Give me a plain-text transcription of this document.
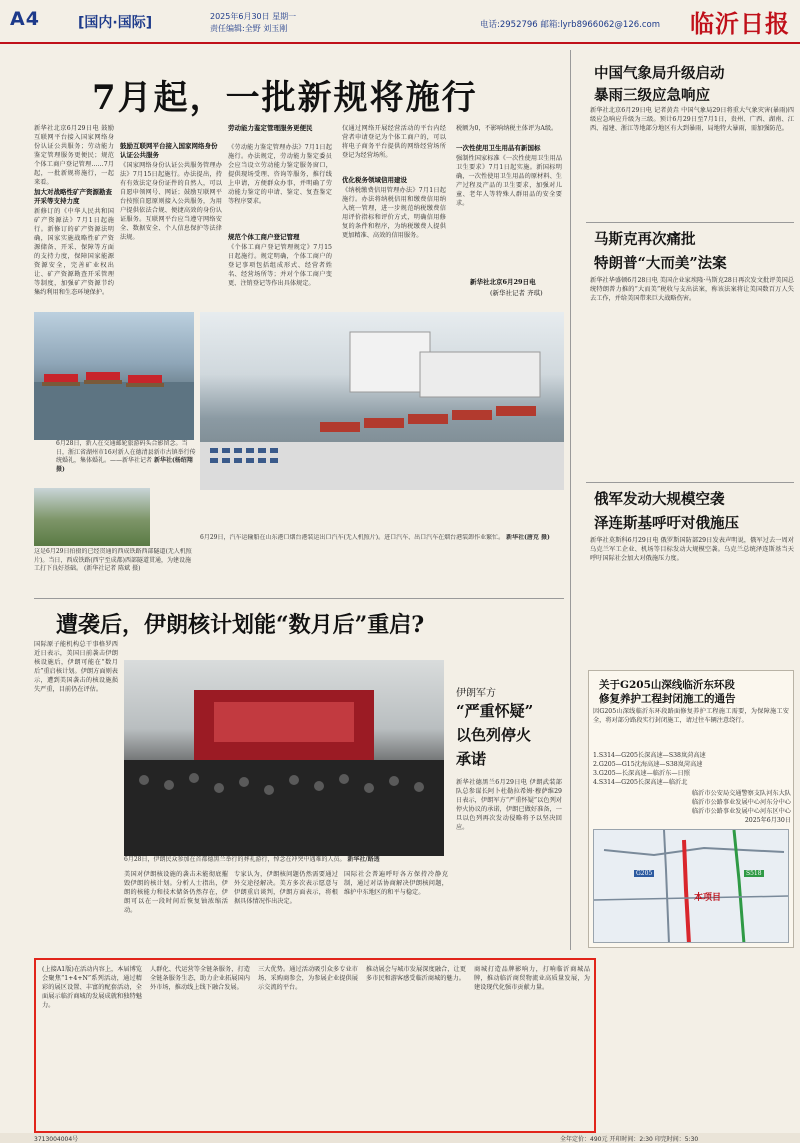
A4	[国内·国际]	2025年6月30日 星期一
责任编辑:全野 刘玉刚	电话:2952796 邮箱:lyrb8966062@126.com 临沂日报
7月起，一批新规将施行
新华社北京6月29日电 鼓励互联网平台接入国家网络身份认证公共服务；劳动能力鉴定管理服务更便民；规范个体工商户登记管理……7月起，一批新规将施行，一起来看。
加大对战略性矿产资源勘查开采等支持力度
新修订的《中华人民共和国矿产资源法》7月1日起施行。新修订的矿产资源法明确，国家实施战略性矿产资源储备、开采、保障等方面的支持力度，保障国家能源资源安全，完善矿业权出让、矿产资源勘查开采管理等制度，加强矿产资源节约集约利用和生态环境保护。
鼓励互联网平台接入国家网络身份认证公共服务
《国家网络身份认证公共服务管理办法》7月15日起施行。办法提出，持有有效法定身份证件的自然人，可以自愿申领网号、网证；鼓励互联网平台按照自愿原则接入公共服务，为用户提供依法合规、便捷高效的身份认证服务。互联网平台应当遵守网络安全、数据安全、个人信息保护等法律法规。
劳动能力鉴定管理服务更便民
《劳动能力鉴定管理办法》7月1日起施行。办法规定，劳动能力鉴定委员会应当设立劳动能力鉴定服务窗口，提供现场受理、咨询等服务，推行线上申请，方便群众办事，并明确了劳动能力鉴定的申请、鉴定、复查鉴定等程序要求。
规范个体工商户登记管理
《个体工商户登记管理规定》7月15日起施行。规定明确，个体工商户的登记事项包括组成形式、经营者姓名、经营场所等；并对个体工商户变更、注销登记等作出具体规定。
仅通过网络开展经营活动的平台内经营者申请登记为个体工商户的，可以将电子商务平台提供的网络经营场所登记为经营场所。
优化税务领域信用建设
《纳税缴费信用管理办法》7月1日起施行。办法将纳税信用和缴费信用纳入统一管理，进一步规范纳税缴费信用评价指标和评价方式，明确信用修复的条件和程序，为纳税缴费人提供更加精准、高效的信用服务。
税额为0，不影响纳税主体评为A级。
一次性使用卫生用品有新国标
强制性国家标准《一次性使用卫生用品卫生要求》7月1日起实施。新国标明确，一次性使用卫生用品的原材料、生产过程及产品的卫生要求，加强对儿童、老年人等特殊人群用品的安全要求。
新华社北京6月29日电
(新华社记者 齐琪)
6月28日，新人在交通邮轮旅游码头合影留念。当日，浙江省湖州市16对新人在德清县新市古镇举行传统婚礼，集体婚礼。——新华社记者 新华社(杨绍翔 摄)
这是6月29日拍摄的已经贯通的西成铁路西部隧道(无人机照片)。当日，西成铁路(西宁至成都)西部隧道贯通，为建设施工打下良好基础。 (新华社记者 陈斌 摄)
6月29日，汽车运输船在山东港口烟台港装运出口汽车(无人机照片)。进口汽车、出口汽车在烟台港装卸作业繁忙。 新华社(唐克 摄)
遭袭后，伊朗核计划能“数月后”重启?
国际原子能机构总干事格罗西近日表示，美国日前袭击伊朗核设施后，伊朗可能在“数月后”重启核计划。伊朗方面则表示，遭到美国袭击的核设施损失严重，目前仍在评估。
6月28日，伊朗民众参加在首都德黑兰举行的葬礼游行，悼念在冲突中遇难的人员。 新华社/路透
美国对伊朗核设施的袭击未能彻底摧毁伊朗的核计划。分析人士指出，伊朗的核能力和技术储备仍然存在，伊朗可以在一段时间后恢复铀浓缩活动。
专家认为，伊朗核问题仍然需要通过外交途径解决。美方多次表示愿意与伊朗重启谈判，伊朗方面表示，将根据具体情况作出决定。
国际社会普遍呼吁各方保持冷静克制，通过对话协商解决伊朗核问题，维护中东地区的和平与稳定。
伊朗军方
“严重怀疑”
以色列停火
承诺
新华社德黑兰6月29日电 伊朗武装部队总参谋长阿卜杜勒拉希姆·穆萨维29日表示，伊朗军方“严重怀疑”以色列对停火协议的承诺，伊朗已做好准备，一旦以色列再次发动侵略将予以坚决回应。
中国气象局升级启动
暴雨三级应急响应
新华社北京6月29日电 记者黄垚 中国气象局29日将重大气象灾害(暴雨)四级应急响应升级为三级。预计6月29日至7月1日，贵州、广西、湖南、江西、福建、浙江等地部分地区有大到暴雨，局地特大暴雨，需加强防范。
马斯克再次痛批
特朗普“大而美”法案
新华社华盛顿6月28日电 美国企业家埃隆·马斯克28日再次发文批评美国总统特朗普力推的“大而美”税收与支出法案，称该法案将让美国数百万人失去工作，并给美国带来巨大战略伤害。
俄军发动大规模空袭
泽连斯基呼吁对俄施压
新华社莫斯科6月29日电 俄罗斯国防部29日发表声明说，俄军过去一周对乌克兰军工企业、机场等目标发动大规模空袭。乌克兰总统泽连斯基当天呼吁国际社会加大对俄施压力度。
关于G205山深线临沂东环段
修复养护工程封闭施工的通告
因G205山深线临沂东环段路面修复养护工程施工需要，为保障施工安全，将对部分路段实行封闭施工，请过往车辆注意绕行。
1.S314—G205长深高速—S38岚菏高速
2.G205—G15沈海高速—S38岚菏高速
3.G205—长深高速—临沂东—日照
4.S314—G205长深高速—临沂北
临沂市公安局交通警察支队河东大队
临沂市公路事业发展中心河东分中心
临沂市公路事业发展中心河东区中心
2025年6月30日
本项目
G205	S518
(上接A1版)在活动内容上，本届博览会聚焦“1+4+N”系列活动，通过精彩的展区设置、丰富的配套活动，全面展示临沂商城的发展成就和独特魅力。
人群化、代运营等全链条服务，打造全链条服务生态，助力企业拓展国内外市场，推动线上线下融合发展。
三大优势。通过活动吸引众多专业市场、采购商参会，为参展企业提供展示交流的平台。
推动展会与城市发展深度融合，让更多市民和游客感受临沂商城的魅力。
商城打造品牌影响力，打响临沂商城品牌，推动临沂商贸物流业高质量发展，为建设现代化强市贡献力量。
3713004004号	全年定价：490元 开印时间：2:30 印完时间：5:30
